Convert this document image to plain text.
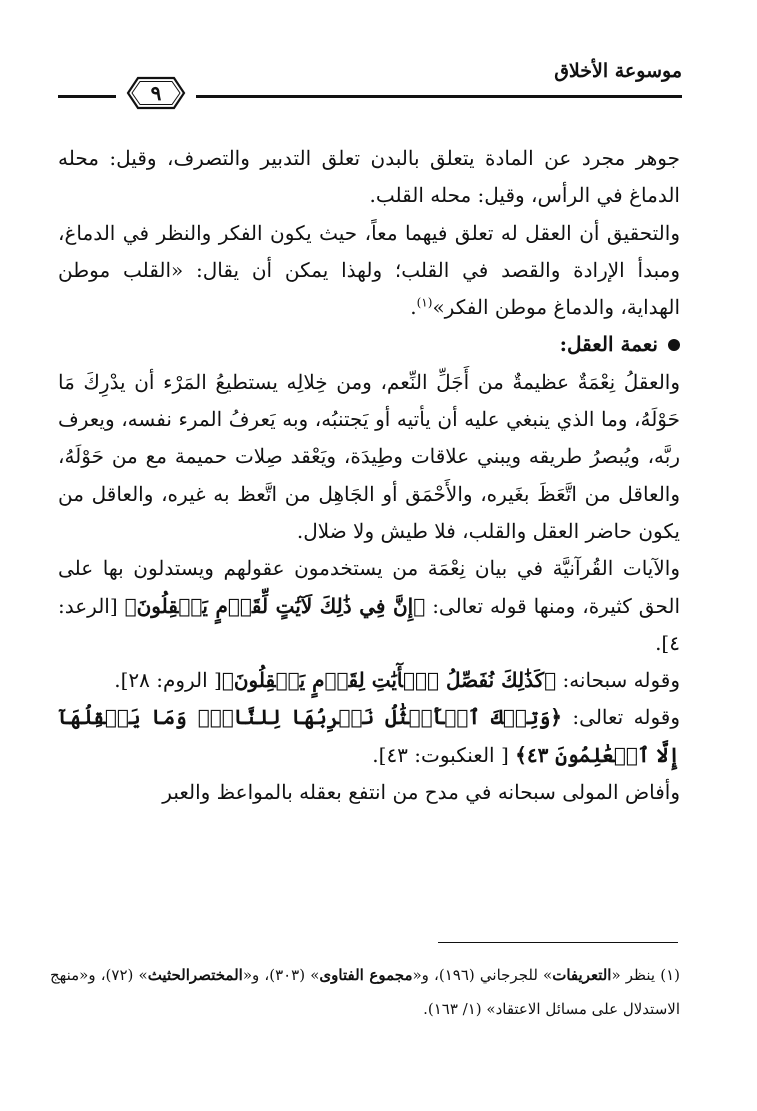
موسوعة الأخلاق
٩

جوهر مجرد عن المادة يتعلق بالبدن تعلق التدبير والتصرف، وقيل: محله الدماغ في الرأس، وقيل: محله القلب.

والتحقيق أن العقل له تعلق فيهما معاً، حيث يكون الفكر والنظر في الدماغ، ومبدأ الإرادة والقصد في القلب؛ ولهذا يمكن أن يقال: «القلب موطن الهداية، والدماغ موطن الفكر»$^{(١)}$.

نعمة العقل:

والعقلُ نِعْمَةٌ عظيمةٌ من أَجَلِّ النِّعم، ومن خِلالِه يستطيعُ المَرْء أن يدْرِكَ مَا حَوْلَهُ، وما الذي ينبغي عليه أن يأتيه أو يَجتنبُه، وبه يَعرفُ المرء نفسه، ويعرف ربَّه، ويُبصرُ طريقه ويبني علاقات وطِيدَة، ويَعْقد صِلات حميمة مع من حَوْلَهُ، والعاقل من اتَّعَظَ بغَيره، والأَحْمَق أو الجَاهِل من اتَّعظ به غيره، والعاقل من يكون حاضر العقل والقلب، فلا طيش ولا ضلال.

والآيات القُرآنيَّة في بيان نِعْمَة من يستخدمون عقولهم ويستدلون بها على الحق كثيرة، ومنها قوله تعالى: ﴿إِنَّ فِي ذَٰلِكَ لَآيَٰتٍ لِّقَوۡمٍ يَعۡقِلُونَ﴾ [الرعد: ٤].

وقوله سبحانه: ﴿كَذَٰلِكَ نُفَصِّلُ ٱلۡأٓيَٰتِ لِقَوۡمٍ يَعۡقِلُونَ﴾[ الروم: ٢٨].

وقوله تعالى: ﴿وَتِلۡكَ ٱلۡأَمۡثَٰلُ نَضۡرِبُهَا لِلنَّاسِۖ وَمَا يَعۡقِلُهَآ إِلَّا ٱلۡعَٰلِمُونَ ٤٣﴾ [ العنكبوت: ٤٣].

وأفاض المولى سبحانه في مدح من انتفع بعقله بالمواعظ والعبر

(١) ينظر «التعريفات» للجرجاني (١٩٦)، و«مجموع الفتاوى» (٣٠٣)، و«المختصرالحثيث» (٧٢)، و«منهج الاستدلال على مسائل الاعتقاد» (١/ ١٦٣).
